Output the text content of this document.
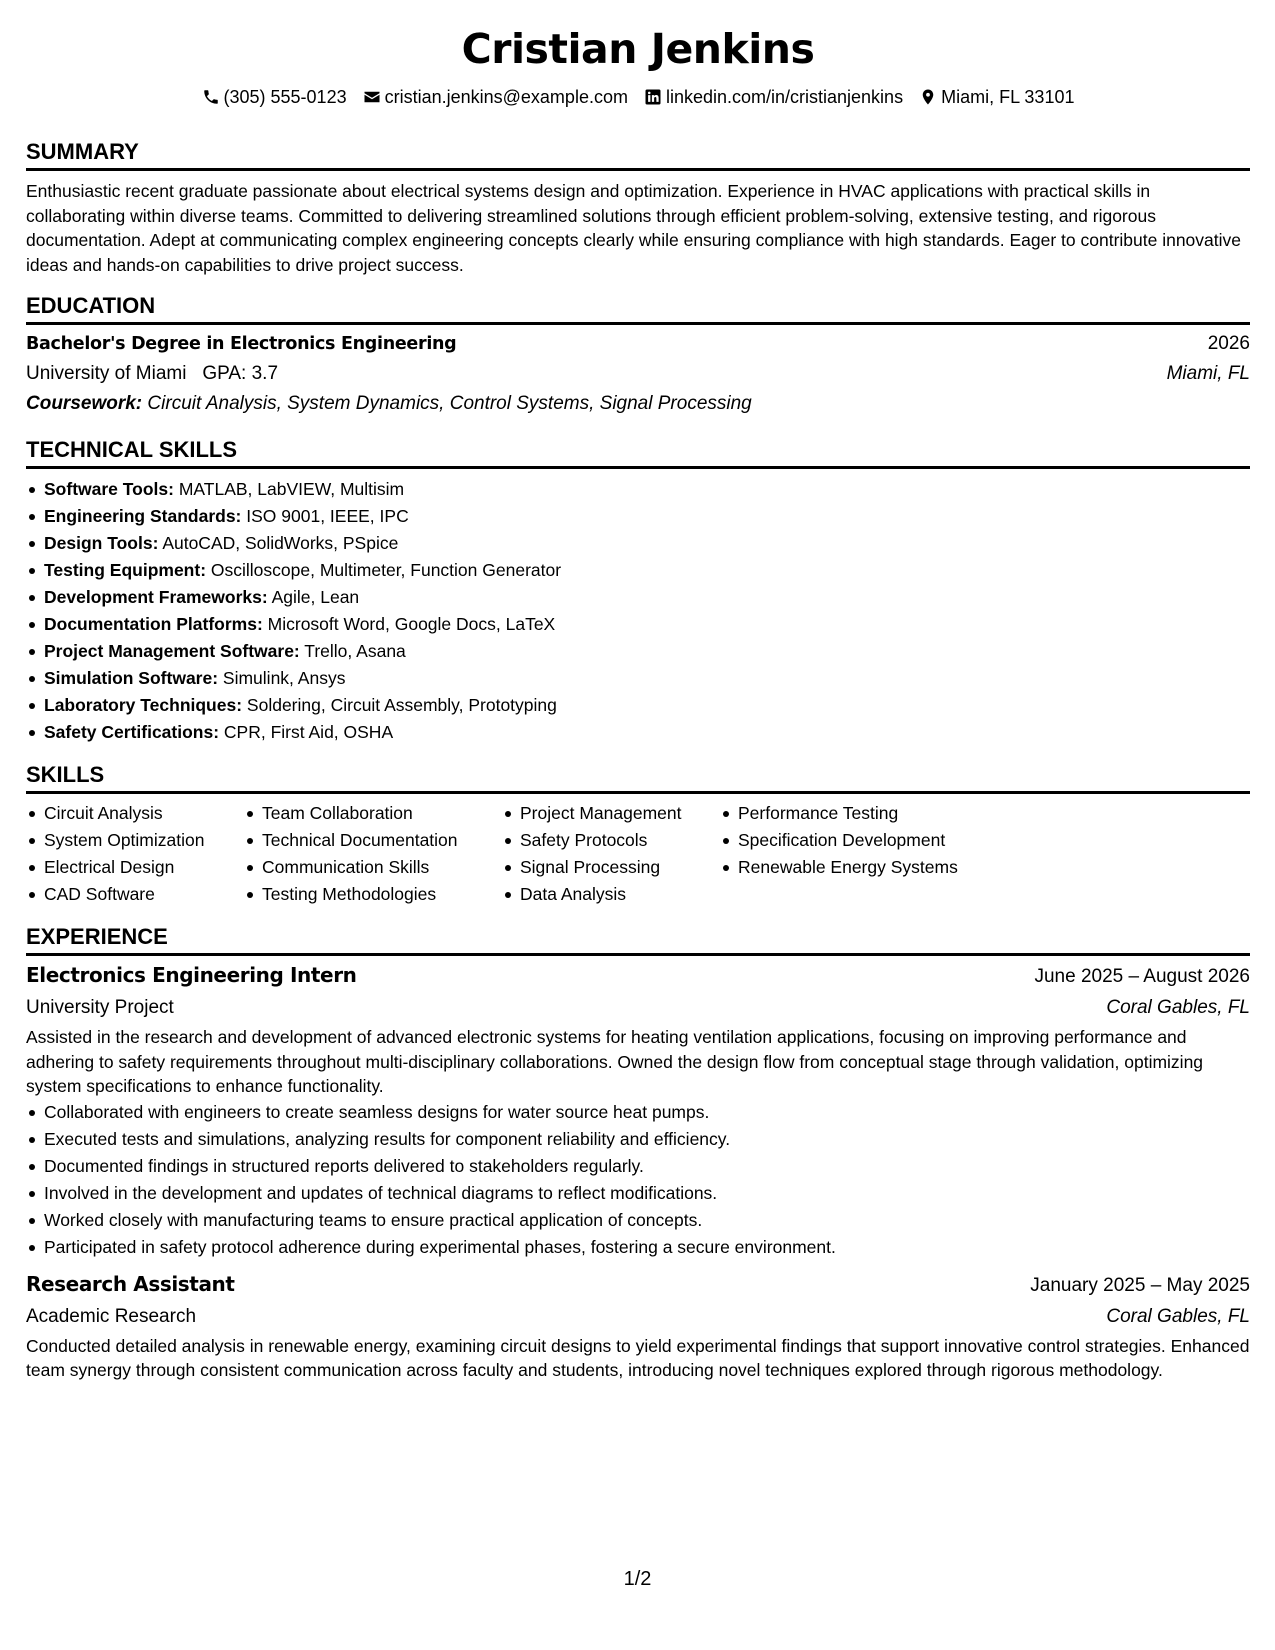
Cristian Jenkins
(305) 555-0123 cristian.jenkins@example.com linkedin.com/in/cristianjenkins Miami, FL 33101
SUMMARY
Enthusiastic recent graduate passionate about electrical systems design and optimization. Experience in HVAC applications with practical skills in collaborating within diverse teams. Committed to delivering streamlined solutions through efficient problem-solving, extensive testing, and rigorous documentation. Adept at communicating complex engineering concepts clearly while ensuring compliance with high standards. Eager to contribute innovative ideas and hands-on capabilities to drive project success.
EDUCATION
Bachelor's Degree in Electronics Engineering	2026
University of Miami GPA: 3.7	Miami, FL
Coursework: Circuit Analysis, System Dynamics, Control Systems, Signal Processing
TECHNICAL SKILLS
Software Tools: MATLAB, LabVIEW, Multisim
Engineering Standards: ISO 9001, IEEE, IPC
Design Tools: AutoCAD, SolidWorks, PSpice
Testing Equipment: Oscilloscope, Multimeter, Function Generator
Development Frameworks: Agile, Lean
Documentation Platforms: Microsoft Word, Google Docs, LaTeX
Project Management Software: Trello, Asana
Simulation Software: Simulink, Ansys
Laboratory Techniques: Soldering, Circuit Assembly, Prototyping
Safety Certifications: CPR, First Aid, OSHA
SKILLS
Circuit Analysis
System Optimization
Electrical Design
CAD Software
Team Collaboration
Technical Documentation
Communication Skills
Testing Methodologies
Project Management
Safety Protocols
Signal Processing
Data Analysis
Performance Testing
Specification Development
Renewable Energy Systems
EXPERIENCE
Electronics Engineering Intern	June 2025 – August 2026
University Project	Coral Gables, FL
Assisted in the research and development of advanced electronic systems for heating ventilation applications, focusing on improving performance and adhering to safety requirements throughout multi-disciplinary collaborations. Owned the design flow from conceptual stage through validation, optimizing system specifications to enhance functionality.
Collaborated with engineers to create seamless designs for water source heat pumps.
Executed tests and simulations, analyzing results for component reliability and efficiency.
Documented findings in structured reports delivered to stakeholders regularly.
Involved in the development and updates of technical diagrams to reflect modifications.
Worked closely with manufacturing teams to ensure practical application of concepts.
Participated in safety protocol adherence during experimental phases, fostering a secure environment.
Research Assistant	January 2025 – May 2025
Academic Research	Coral Gables, FL
Conducted detailed analysis in renewable energy, examining circuit designs to yield experimental findings that support innovative control strategies. Enhanced team synergy through consistent communication across faculty and students, introducing novel techniques explored through rigorous methodology.
1/2
